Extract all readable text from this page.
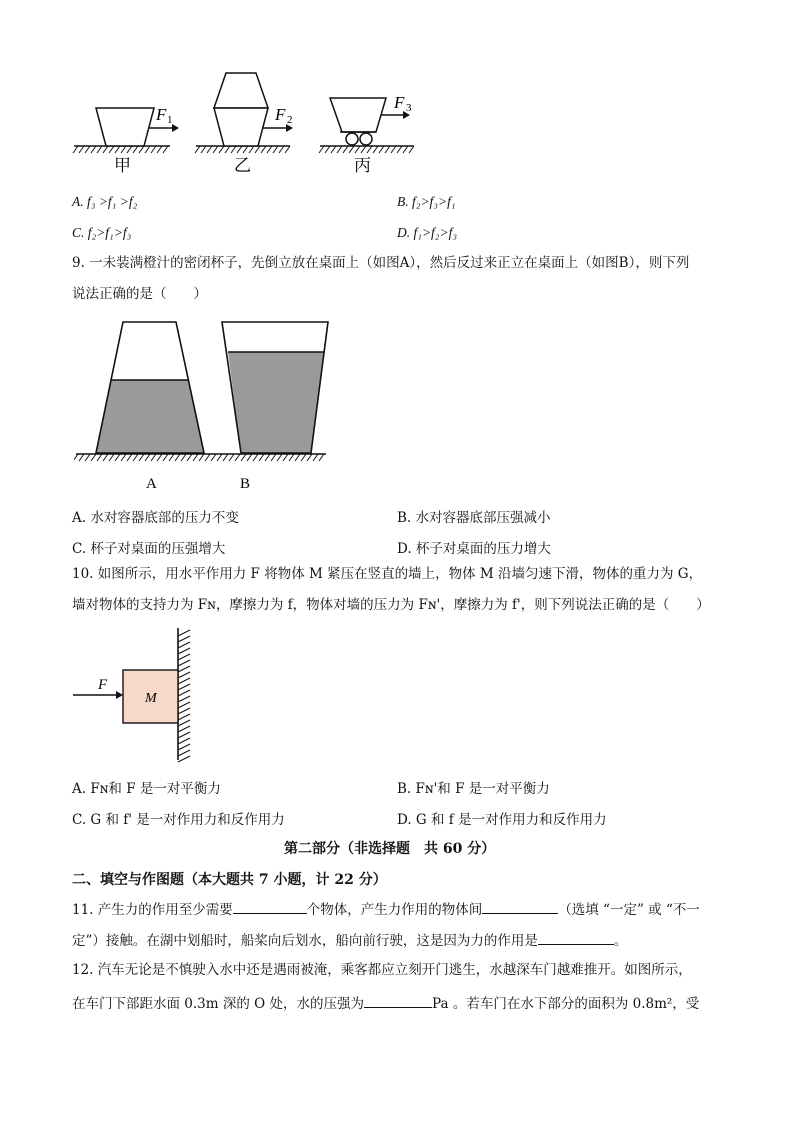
F 1
甲
F 2
乙
F 3
丙
A. f₃ >f₁ >f₂	B. f₂>f₃>f₁
C. f₂>f₁>f₃	D. f₁>f₂>f₃
9. 一未装满橙汁的密闭杯子，先倒立放在桌面上（如图A），然后反过来正立在桌面上（如图B），则下列
说法正确的是（　　）
A	B
A. 水对容器底部的压力不变	B. 水对容器底部压强减小
C. 杯子对桌面的压强增大	D. 杯子对桌面的压力增大
10. 如图所示，用水平作用力 F 将物体 M 紧压在竖直的墙上，物体 M 沿墙匀速下滑，物体的重力为 G，
墙对物体的支持力为 Fɴ，摩擦力为 f，物体对墙的压力为 Fɴ'，摩擦力为 f'，则下列说法正确的是（　　）
M
F
A. Fɴ和 F 是一对平衡力	B. Fɴ'和 F 是一对平衡力
C. G 和 f' 是一对作用力和反作用力	D. G 和 f 是一对作用力和反作用力
第二部分（非选择题　共 60 分）
二、填空与作图题（本大题共 7 小题，计 22 分）
11. 产生力的作用至少需要	个物体，产生力作用的物体间	（选填 “一定” 或 “不一
定”）接触。在湖中划船时，船桨向后划水，船向前行驶，这是因为力的作用是	。
12. 汽车无论是不慎驶入水中还是遇雨被淹，乘客都应立刻开门逃生，水越深车门越难推开。如图所示，
在车门下部距水面 0.3m 深的 O 处，水的压强为	Pa 。若车门在水下部分的面积为 0.8m²，受
